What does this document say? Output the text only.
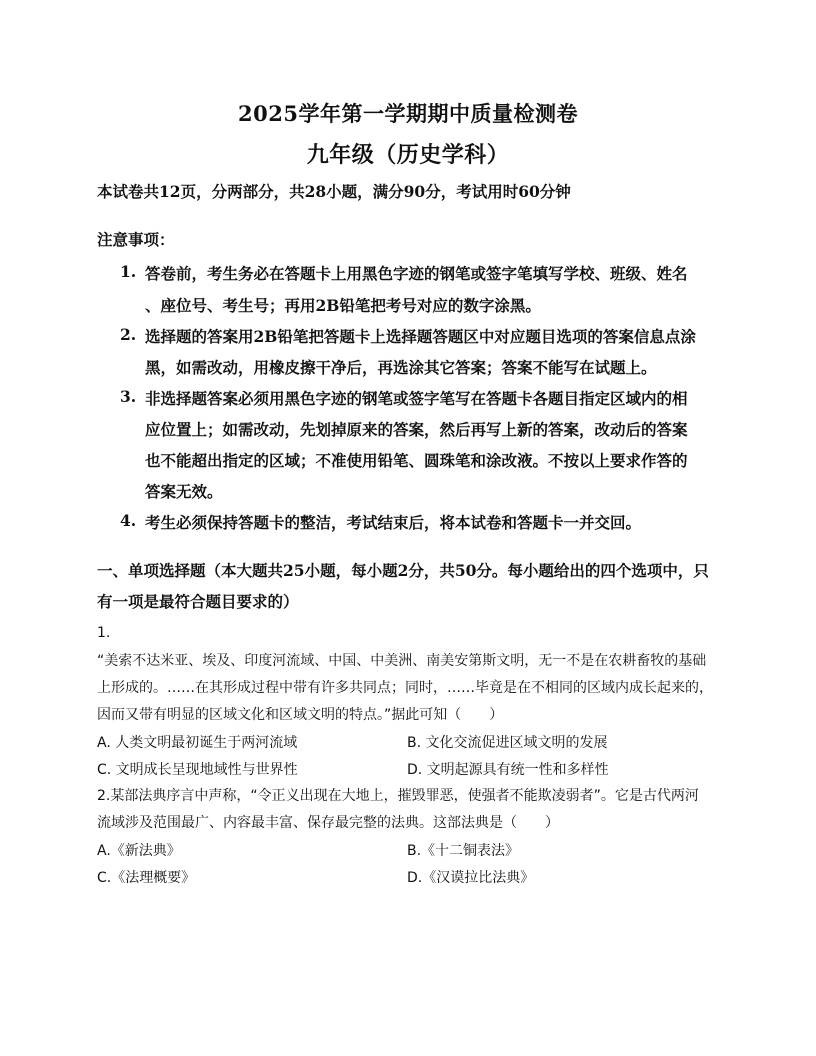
2025学年第一学期期中质量检测卷
九年级（历史学科）
本试卷共12页，分两部分，共28小题，满分90分，考试用时60分钟
注意事项：
1. 答卷前，考生务必在答题卡上用黑色字迹的钢笔或签字笔填写学校、班级、姓名
、座位号、考生号；再用2B铅笔把考号对应的数字涂黑。
2. 选择题的答案用2B铅笔把答题卡上选择题答题区中对应题目选项的答案信息点涂
黑，如需改动，用橡皮擦干净后，再选涂其它答案；答案不能写在试题上。
3. 非选择题答案必须用黑色字迹的钢笔或签字笔写在答题卡各题目指定区域内的相
应位置上；如需改动，先划掉原来的答案，然后再写上新的答案，改动后的答案
也不能超出指定的区域；不准使用铅笔、圆珠笔和涂改液。不按以上要求作答的
答案无效。
4. 考生必须保持答题卡的整洁，考试结束后，将本试卷和答题卡一并交回。
一、单项选择题（本大题共25小题，每小题2分，共50分。每小题给出的四个选项中，只
有一项是最符合题目要求的）
1.
“美索不达米亚、埃及、印度河流域、中国、中美洲、南美安第斯文明，无一不是在农耕畜牧的基础
上形成的。……在其形成过程中带有许多共同点；同时，……毕竟是在不相同的区域内成长起来的，
因而又带有明显的区域文化和区域文明的特点。”据此可知（　　）
A. 人类文明最初诞生于两河流域	B. 文化交流促进区域文明的发展
C. 文明成长呈现地域性与世界性	D. 文明起源具有统一性和多样性
2.某部法典序言中声称，“令正义出现在大地上，摧毁罪恶，使强者不能欺凌弱者”。它是古代两河
流域涉及范围最广、内容最丰富、保存最完整的法典。这部法典是（　　）
A.《新法典》	B.《十二铜表法》
C.《法理概要》	D.《汉谟拉比法典》
